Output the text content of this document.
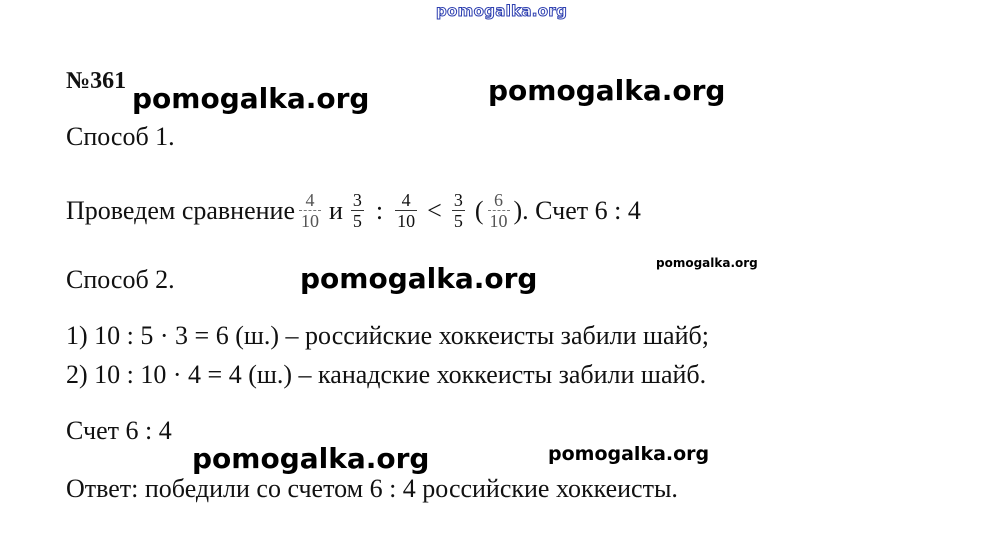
pomogalka.org
№361
pomogalka.org	pomogalka.org
Способ 1.
Проведем сравнение $\frac{4}{10}$ и $\frac{3}{5}$ : $\frac{4}{10} < \frac{3}{5}$ ( $\frac{6}{10}$ ). Счет 6 : 4
Способ 2.	pomogalka.org	pomogalka.org
1) 10 : 5 · 3 = 6 (ш.) – российские хоккеисты забили шайб;
2) 10 : 10 · 4 = 4 (ш.) – канадские хоккеисты забили шайб.
Счет 6 : 4
pomogalka.org	pomogalka.org
Ответ: победили со счетом 6 : 4 российские хоккеисты.
